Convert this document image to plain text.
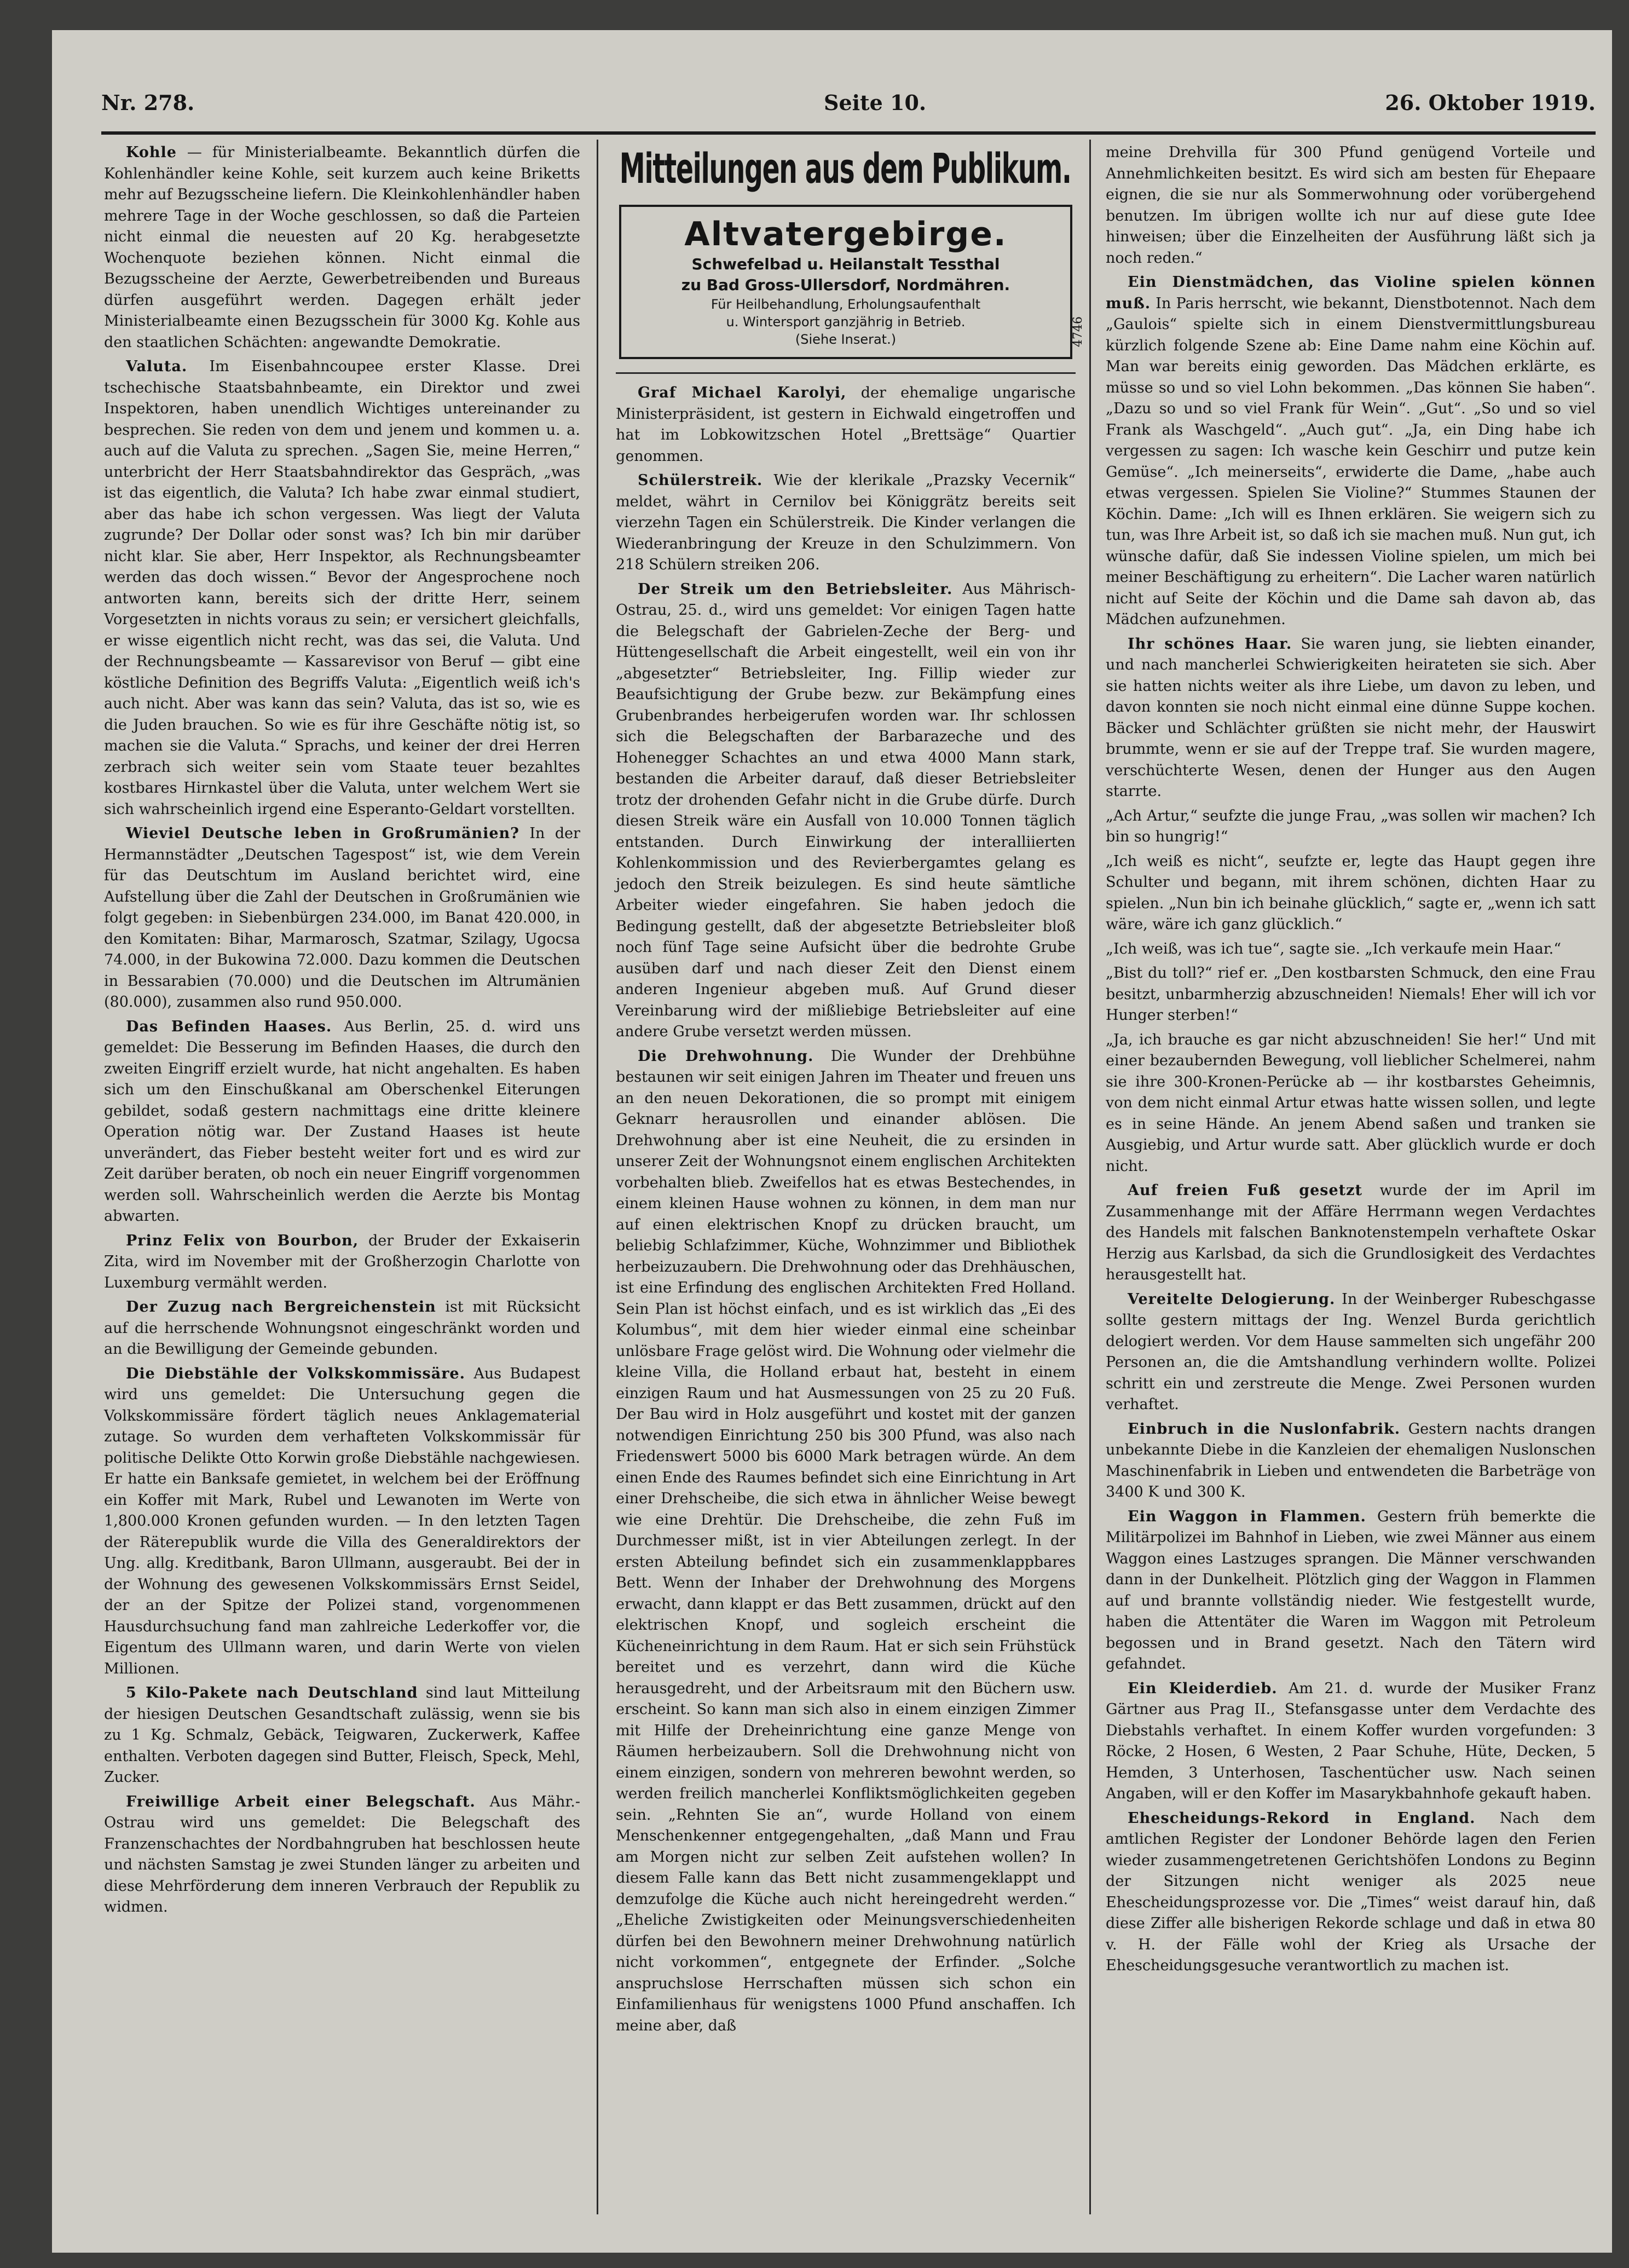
Nr. 278.	Seite 10.	26. Oktober 1919.

Kohle — für Ministerialbeamte. Bekanntlich dürfen die Kohlenhändler keine Kohle, seit kurzem auch keine Briketts mehr auf Bezugsscheine liefern. Die Kleinkohlenhändler haben mehrere Tage in der Woche geschlossen, so daß die Parteien nicht einmal die neuesten auf 20 Kg. herabgesetzte Wochenquote beziehen können. Nicht einmal die Bezugsscheine der Aerzte, Gewerbetreibenden und Bureaus dürfen ausgeführt werden. Dagegen erhält jeder Ministerialbeamte einen Bezugsschein für 3000 Kg. Kohle aus den staatlichen Schächten: angewandte Demokratie.

Valuta. Im Eisenbahncoupee erster Klasse. Drei tschechische Staatsbahnbeamte, ein Direktor und zwei Inspektoren, haben unendlich Wichtiges untereinander zu besprechen. Sie reden von dem und jenem und kommen u. a. auch auf die Valuta zu sprechen. „Sagen Sie, meine Herren,“ unterbricht der Herr Staatsbahndirektor das Gespräch, „was ist das eigentlich, die Valuta? Ich habe zwar einmal studiert, aber das habe ich schon vergessen. Was liegt der Valuta zugrunde? Der Dollar oder sonst was? Ich bin mir darüber nicht klar. Sie aber, Herr Inspektor, als Rechnungsbeamter werden das doch wissen.“ Bevor der Angesprochene noch antworten kann, bereits sich der dritte Herr, seinem Vorgesetzten in nichts voraus zu sein; er versichert gleichfalls, er wisse eigentlich nicht recht, was das sei, die Valuta. Und der Rechnungsbeamte — Kassarevisor von Beruf — gibt eine köstliche Definition des Begriffs Valuta: „Eigentlich weiß ich's auch nicht. Aber was kann das sein? Valuta, das ist so, wie es die Juden brauchen. So wie es für ihre Geschäfte nötig ist, so machen sie die Valuta.“ Sprachs, und keiner der drei Herren zerbrach sich weiter sein vom Staate teuer bezahltes kostbares Hirnkastel über die Valuta, unter welchem Wert sie sich wahrscheinlich irgend eine Esperanto-Geldart vorstellten.

Wieviel Deutsche leben in Großrumänien? In der Hermannstädter „Deutschen Tagespost“ ist, wie dem Verein für das Deutschtum im Ausland berichtet wird, eine Aufstellung über die Zahl der Deutschen in Großrumänien wie folgt gegeben: in Siebenbürgen 234.000, im Banat 420.000, in den Komitaten: Bihar, Marmarosch, Szatmar, Szilagy, Ugocsa 74.000, in der Bukowina 72.000. Dazu kommen die Deutschen in Bessarabien (70.000) und die Deutschen im Altrumänien (80.000), zusammen also rund 950.000.

Das Befinden Haases. Aus Berlin, 25. d. wird uns gemeldet: Die Besserung im Befinden Haases, die durch den zweiten Eingriff erzielt wurde, hat nicht angehalten. Es haben sich um den Einschußkanal am Oberschenkel Eiterungen gebildet, sodaß gestern nachmittags eine dritte kleinere Operation nötig war. Der Zustand Haases ist heute unverändert, das Fieber besteht weiter fort und es wird zur Zeit darüber beraten, ob noch ein neuer Eingriff vorgenommen werden soll. Wahrscheinlich werden die Aerzte bis Montag abwarten.

Prinz Felix von Bourbon, der Bruder der Exkaiserin Zita, wird im November mit der Großherzogin Charlotte von Luxemburg vermählt werden.

Der Zuzug nach Bergreichenstein ist mit Rücksicht auf die herrschende Wohnungsnot eingeschränkt worden und an die Bewilligung der Gemeinde gebunden.

Die Diebstähle der Volkskommissäre. Aus Budapest wird uns gemeldet: Die Untersuchung gegen die Volkskommissäre fördert täglich neues Anklagematerial zutage. So wurden dem verhafteten Volkskommissär für politische Delikte Otto Korwin große Diebstähle nachgewiesen. Er hatte ein Banksafe gemietet, in welchem bei der Eröffnung ein Koffer mit Mark, Rubel und Lewanoten im Werte von 1,800.000 Kronen gefunden wurden. — In den letzten Tagen der Räterepublik wurde die Villa des Generaldirektors der Ung. allg. Kreditbank, Baron Ullmann, ausgeraubt. Bei der in der Wohnung des gewesenen Volkskommissärs Ernst Seidel, der an der Spitze der Polizei stand, vorgenommenen Hausdurchsuchung fand man zahlreiche Lederkoffer vor, die Eigentum des Ullmann waren, und darin Werte von vielen Millionen.

5 Kilo-Pakete nach Deutschland sind laut Mitteilung der hiesigen Deutschen Gesandtschaft zulässig, wenn sie bis zu 1 Kg. Schmalz, Gebäck, Teigwaren, Zuckerwerk, Kaffee enthalten. Verboten dagegen sind Butter, Fleisch, Speck, Mehl, Zucker.

Freiwillige Arbeit einer Belegschaft. Aus Mähr.-Ostrau wird uns gemeldet: Die Belegschaft des Franzenschachtes der Nordbahngruben hat beschlossen heute und nächsten Samstag je zwei Stunden länger zu arbeiten und diese Mehrförderung dem inneren Verbrauch der Republik zu widmen.

Mitteilungen aus dem Publikum.
Altvatergebirge.
Schwefelbad u. Heilanstalt Tessthal
zu Bad Gross-Ullersdorf, Nordmähren.
Für Heilbehandlung, Erholungsaufenthalt
u. Wintersport ganzjährig in Betrieb.
(Siehe Inserat.)	4746

Graf Michael Karolyi, der ehemalige ungarische Ministerpräsident, ist gestern in Eichwald eingetroffen und hat im Lobkowitzschen Hotel „Brettsäge“ Quartier genommen.

Schülerstreik. Wie der klerikale „Prazsky Vecernik“ meldet, währt in Cernilov bei Königgrätz bereits seit vierzehn Tagen ein Schülerstreik. Die Kinder verlangen die Wiederanbringung der Kreuze in den Schulzimmern. Von 218 Schülern streiken 206.

Der Streik um den Betriebsleiter. Aus Mährisch-Ostrau, 25. d., wird uns gemeldet: Vor einigen Tagen hatte die Belegschaft der Gabrielen-Zeche der Berg- und Hüttengesellschaft die Arbeit eingestellt, weil ein von ihr „abgesetzter“ Betriebsleiter, Ing. Fillip wieder zur Beaufsichtigung der Grube bezw. zur Bekämpfung eines Grubenbrandes herbeigerufen worden war. Ihr schlossen sich die Belegschaften der Barbarazeche und des Hohenegger Schachtes an und etwa 4000 Mann stark, bestanden die Arbeiter darauf, daß dieser Betriebsleiter trotz der drohenden Gefahr nicht in die Grube dürfe. Durch diesen Streik wäre ein Ausfall von 10.000 Tonnen täglich entstanden. Durch Einwirkung der interalliierten Kohlenkommission und des Revierbergamtes gelang es jedoch den Streik beizulegen. Es sind heute sämtliche Arbeiter wieder eingefahren. Sie haben jedoch die Bedingung gestellt, daß der abgesetzte Betriebsleiter bloß noch fünf Tage seine Aufsicht über die bedrohte Grube ausüben darf und nach dieser Zeit den Dienst einem anderen Ingenieur abgeben muß. Auf Grund dieser Vereinbarung wird der mißliebige Betriebsleiter auf eine andere Grube versetzt werden müssen.

Die Drehwohnung. Die Wunder der Drehbühne bestaunen wir seit einigen Jahren im Theater und freuen uns an den neuen Dekorationen, die so prompt mit einigem Geknarr herausrollen und einander ablösen. Die Drehwohnung aber ist eine Neuheit, die zu ersinden in unserer Zeit der Wohnungsnot einem englischen Architekten vorbehalten blieb. Zweifellos hat es etwas Bestechendes, in einem kleinen Hause wohnen zu können, in dem man nur auf einen elektrischen Knopf zu drücken braucht, um beliebig Schlafzimmer, Küche, Wohnzimmer und Bibliothek herbeizuzaubern. Die Drehwohnung oder das Drehhäuschen, ist eine Erfindung des englischen Architekten Fred Holland. Sein Plan ist höchst einfach, und es ist wirklich das „Ei des Kolumbus“, mit dem hier wieder einmal eine scheinbar unlösbare Frage gelöst wird. Die Wohnung oder vielmehr die kleine Villa, die Holland erbaut hat, besteht in einem einzigen Raum und hat Ausmessungen von 25 zu 20 Fuß. Der Bau wird in Holz ausgeführt und kostet mit der ganzen notwendigen Einrichtung 250 bis 300 Pfund, was also nach Friedenswert 5000 bis 6000 Mark betragen würde. An dem einen Ende des Raumes befindet sich eine Einrichtung in Art einer Drehscheibe, die sich etwa in ähnlicher Weise bewegt wie eine Drehtür. Die Drehscheibe, die zehn Fuß im Durchmesser mißt, ist in vier Abteilungen zerlegt. In der ersten Abteilung befindet sich ein zusammenklappbares Bett. Wenn der Inhaber der Drehwohnung des Morgens erwacht, dann klappt er das Bett zusammen, drückt auf den elektrischen Knopf, und sogleich erscheint die Kücheneinrichtung in dem Raum. Hat er sich sein Frühstück bereitet und es verzehrt, dann wird die Küche herausgedreht, und der Arbeitsraum mit den Büchern usw. erscheint. So kann man sich also in einem einzigen Zimmer mit Hilfe der Dreheinrichtung eine ganze Menge von Räumen herbeizaubern. Soll die Drehwohnung nicht von einem einzigen, sondern von mehreren bewohnt werden, so werden freilich mancherlei Konfliktsmöglichkeiten gegeben sein. „Rehnten Sie an“, wurde Holland von einem Menschenkenner entgegengehalten, „daß Mann und Frau am Morgen nicht zur selben Zeit aufstehen wollen? In diesem Falle kann das Bett nicht zusammengeklappt und demzufolge die Küche auch nicht hereingedreht werden.“ „Eheliche Zwistigkeiten oder Meinungsverschiedenheiten dürfen bei den Bewohnern meiner Drehwohnung natürlich nicht vorkommen“, entgegnete der Erfinder. „Solche anspruchslose Herrschaften müssen sich schon ein Einfamilienhaus für wenigstens 1000 Pfund anschaffen. Ich meine aber, daß

meine Drehvilla für 300 Pfund genügend Vorteile und Annehmlichkeiten besitzt. Es wird sich am besten für Ehepaare eignen, die sie nur als Sommerwohnung oder vorübergehend benutzen. Im übrigen wollte ich nur auf diese gute Idee hinweisen; über die Einzelheiten der Ausführung läßt sich ja noch reden.“

Ein Dienstmädchen, das Violine spielen können muß. In Paris herrscht, wie bekannt, Dienstbotennot. Nach dem „Gaulois“ spielte sich in einem Dienstvermittlungsbureau kürzlich folgende Szene ab: Eine Dame nahm eine Köchin auf. Man war bereits einig geworden. Das Mädchen erklärte, es müsse so und so viel Lohn bekommen. „Das können Sie haben“. „Dazu so und so viel Frank für Wein“. „Gut“. „So und so viel Frank als Waschgeld“. „Auch gut“. „Ja, ein Ding habe ich vergessen zu sagen: Ich wasche kein Geschirr und putze kein Gemüse“. „Ich meinerseits“, erwiderte die Dame, „habe auch etwas vergessen. Spielen Sie Violine?“ Stummes Staunen der Köchin. Dame: „Ich will es Ihnen erklären. Sie weigern sich zu tun, was Ihre Arbeit ist, so daß ich sie machen muß. Nun gut, ich wünsche dafür, daß Sie indessen Violine spielen, um mich bei meiner Beschäftigung zu erheitern“. Die Lacher waren natürlich nicht auf Seite der Köchin und die Dame sah davon ab, das Mädchen aufzunehmen.

Ihr schönes Haar. Sie waren jung, sie liebten einander, und nach mancherlei Schwierigkeiten heirateten sie sich. Aber sie hatten nichts weiter als ihre Liebe, um davon zu leben, und davon konnten sie noch nicht einmal eine dünne Suppe kochen. Bäcker und Schlächter grüßten sie nicht mehr, der Hauswirt brummte, wenn er sie auf der Treppe traf. Sie wurden magere, verschüchterte Wesen, denen der Hunger aus den Augen starrte.

„Ach Artur,“ seufzte die junge Frau, „was sollen wir machen? Ich bin so hungrig!“

„Ich weiß es nicht“, seufzte er, legte das Haupt gegen ihre Schulter und begann, mit ihrem schönen, dichten Haar zu spielen. „Nun bin ich beinahe glücklich,“ sagte er, „wenn ich satt wäre, wäre ich ganz glücklich.“

„Ich weiß, was ich tue“, sagte sie. „Ich verkaufe mein Haar.“

„Bist du toll?“ rief er. „Den kostbarsten Schmuck, den eine Frau besitzt, unbarmherzig abzuschneiden! Niemals! Eher will ich vor Hunger sterben!“

„Ja, ich brauche es gar nicht abzuschneiden! Sie her!“ Und mit einer bezaubernden Bewegung, voll lieblicher Schelmerei, nahm sie ihre 300-Kronen-Perücke ab — ihr kostbarstes Geheimnis, von dem nicht einmal Artur etwas hatte wissen sollen, und legte es in seine Hände. An jenem Abend saßen und tranken sie Ausgiebig, und Artur wurde satt. Aber glücklich wurde er doch nicht.

Auf freien Fuß gesetzt wurde der im April im Zusammenhange mit der Affäre Herrmann wegen Verdachtes des Handels mit falschen Banknotenstempeln verhaftete Oskar Herzig aus Karlsbad, da sich die Grundlosigkeit des Verdachtes herausgestellt hat.

Vereitelte Delogierung. In der Weinberger Rubeschgasse sollte gestern mittags der Ing. Wenzel Burda gerichtlich delogiert werden. Vor dem Hause sammelten sich ungefähr 200 Personen an, die die Amtshandlung verhindern wollte. Polizei schritt ein und zerstreute die Menge. Zwei Personen wurden verhaftet.

Einbruch in die Nuslonfabrik. Gestern nachts drangen unbekannte Diebe in die Kanzleien der ehemaligen Nuslonschen Maschinenfabrik in Lieben und entwendeten die Barbeträge von 3400 K und 300 K.

Ein Waggon in Flammen. Gestern früh bemerkte die Militärpolizei im Bahnhof in Lieben, wie zwei Männer aus einem Waggon eines Lastzuges sprangen. Die Männer verschwanden dann in der Dunkelheit. Plötzlich ging der Waggon in Flammen auf und brannte vollständig nieder. Wie festgestellt wurde, haben die Attentäter die Waren im Waggon mit Petroleum begossen und in Brand gesetzt. Nach den Tätern wird gefahndet.

Ein Kleiderdieb. Am 21. d. wurde der Musiker Franz Gärtner aus Prag II., Stefansgasse unter dem Verdachte des Diebstahls verhaftet. In einem Koffer wurden vorgefunden: 3 Röcke, 2 Hosen, 6 Westen, 2 Paar Schuhe, Hüte, Decken, 5 Hemden, 3 Unterhosen, Taschentücher usw. Nach seinen Angaben, will er den Koffer im Masarykbahnhofe gekauft haben.

Ehescheidungs-Rekord in England. Nach dem amtlichen Register der Londoner Behörde lagen den Ferien wieder zusammengetretenen Gerichtshöfen Londons zu Beginn der Sitzungen nicht weniger als 2025 neue Ehescheidungsprozesse vor. Die „Times“ weist darauf hin, daß diese Ziffer alle bisherigen Rekorde schlage und daß in etwa 80 v. H. der Fälle wohl der Krieg als Ursache der Ehescheidungsgesuche verantwortlich zu machen ist.
